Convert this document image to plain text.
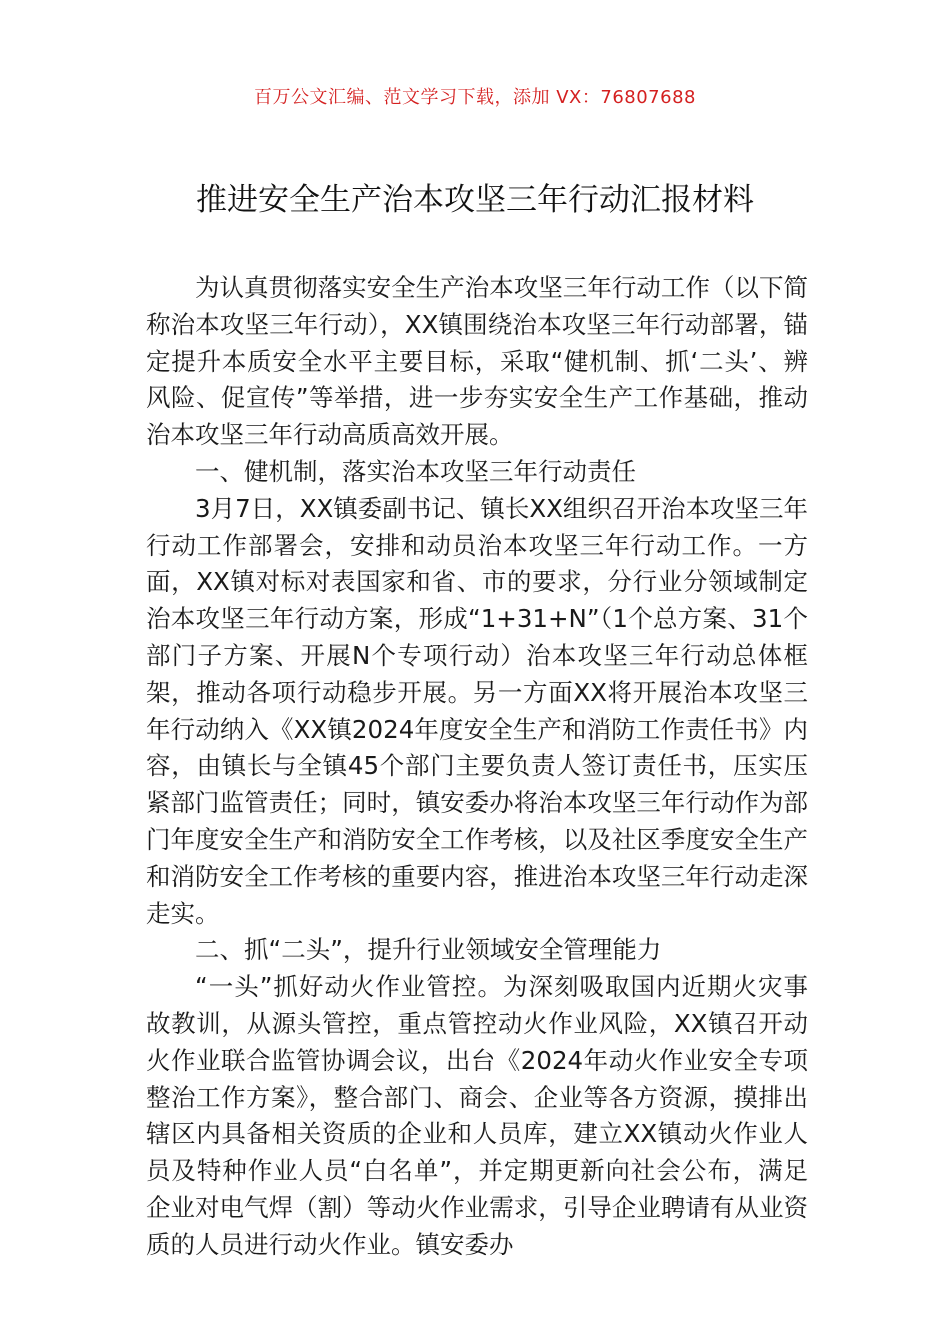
百万公文汇编、范文学习下载，添加 VX：76807688
推进安全生产治本攻坚三年行动汇报材料

为认真贯彻落实安全生产治本攻坚三年行动工作（以下简称治本攻坚三年行动），XX镇围绕治本攻坚三年行动部署，锚定提升本质安全水平主要目标，采取“健机制、抓‘二头’、辨风险、促宣传”等举措，进一步夯实安全生产工作基础，推动治本攻坚三年行动高质高效开展。

一、健机制，落实治本攻坚三年行动责任

3月7日，XX镇委副书记、镇长XX组织召开治本攻坚三年行动工作部署会，安排和动员治本攻坚三年行动工作。一方面，XX镇对标对表国家和省、市的要求，分行业分领域制定治本攻坚三年行动方案，形成“1+31+N”（1个总方案、31个部门子方案、开展N个专项行动）治本攻坚三年行动总体框架，推动各项行动稳步开展。另一方面XX将开展治本攻坚三年行动纳入《XX镇2024年度安全生产和消防工作责任书》内容，由镇长与全镇45个部门主要负责人签订责任书，压实压紧部门监管责任；同时，镇安委办将治本攻坚三年行动作为部门年度安全生产和消防安全工作考核，以及社区季度安全生产和消防安全工作考核的重要内容，推进治本攻坚三年行动走深走实。

二、抓“二头”，提升行业领域安全管理能力

“一头”抓好动火作业管控。为深刻吸取国内近期火灾事故教训，从源头管控，重点管控动火作业风险，XX镇召开动火作业联合监管协调会议，出台《2024年动火作业安全专项整治工作方案》，整合部门、商会、企业等各方资源，摸排出辖区内具备相关资质的企业和人员库，建立XX镇动火作业人员及特种作业人员“白名单”，并定期更新向社会公布，满足企业对电气焊（割）等动火作业需求，引导企业聘请有从业资质的人员进行动火作业。镇安委办
